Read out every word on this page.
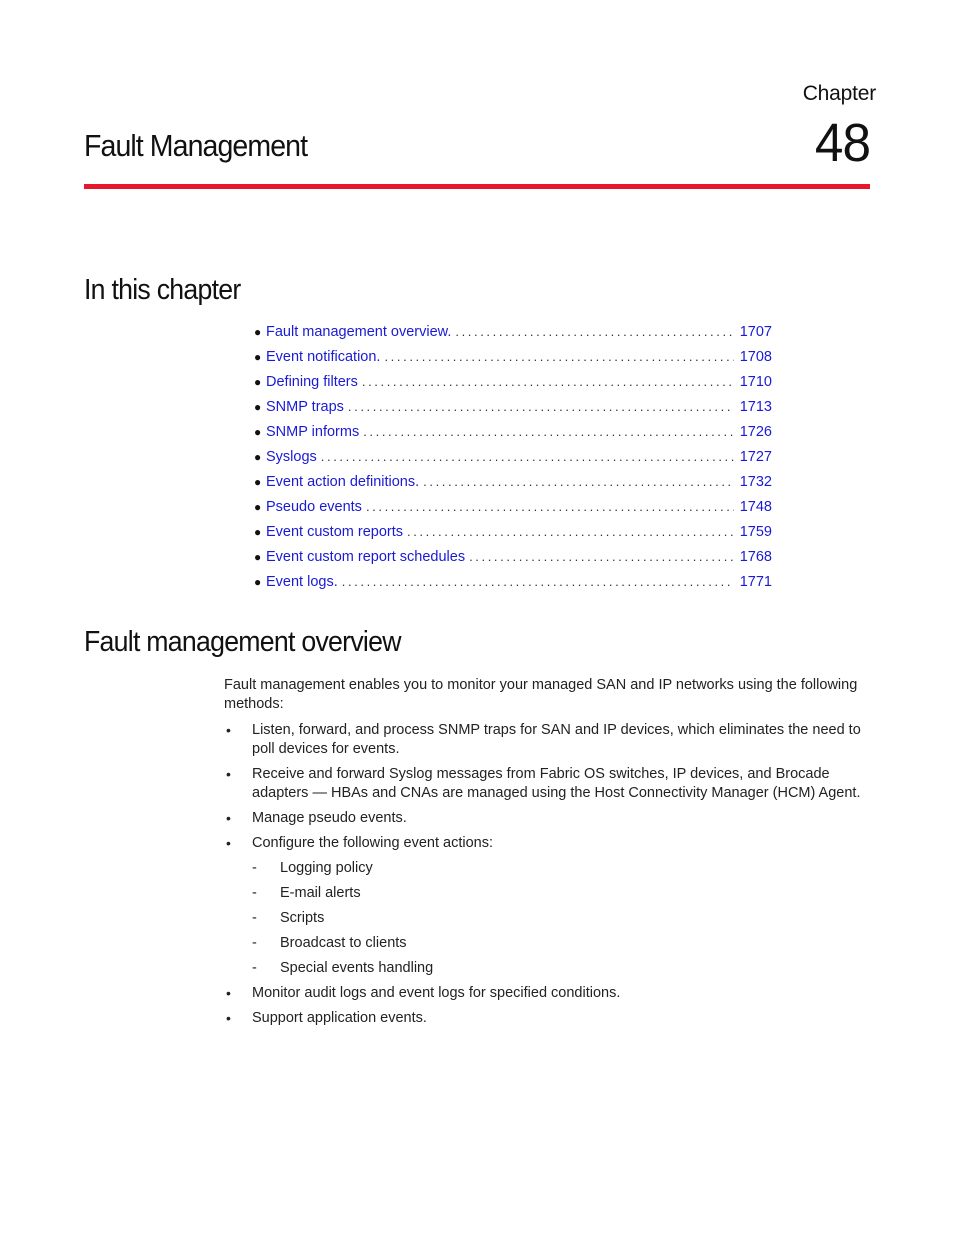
Chapter
Fault Management	48
In this chapter
● Fault management overview. .....	1707
● Event notification. .....	1708
● Defining filters .....	1710
● SNMP traps .....	1713
● SNMP informs .....	1726
● Syslogs .....	1727
● Event action definitions. .....	1732
● Pseudo events .....	1748
● Event custom reports .....	1759
● Event custom report schedules .....	1768
● Event logs. .....	1771
Fault management overview

Fault management enables you to monitor your managed SAN and IP networks using the following methods:

• Listen, forward, and process SNMP traps for SAN and IP devices, which eliminates the need to poll devices for events.
• Receive and forward Syslog messages from Fabric OS switches, IP devices, and Brocade adapters — HBAs and CNAs are managed using the Host Connectivity Manager (HCM) Agent.
• Manage pseudo events.
• Configure the following event actions:
- Logging policy
- E-mail alerts
- Scripts
- Broadcast to clients
- Special events handling
• Monitor audit logs and event logs for specified conditions.
• Support application events.
